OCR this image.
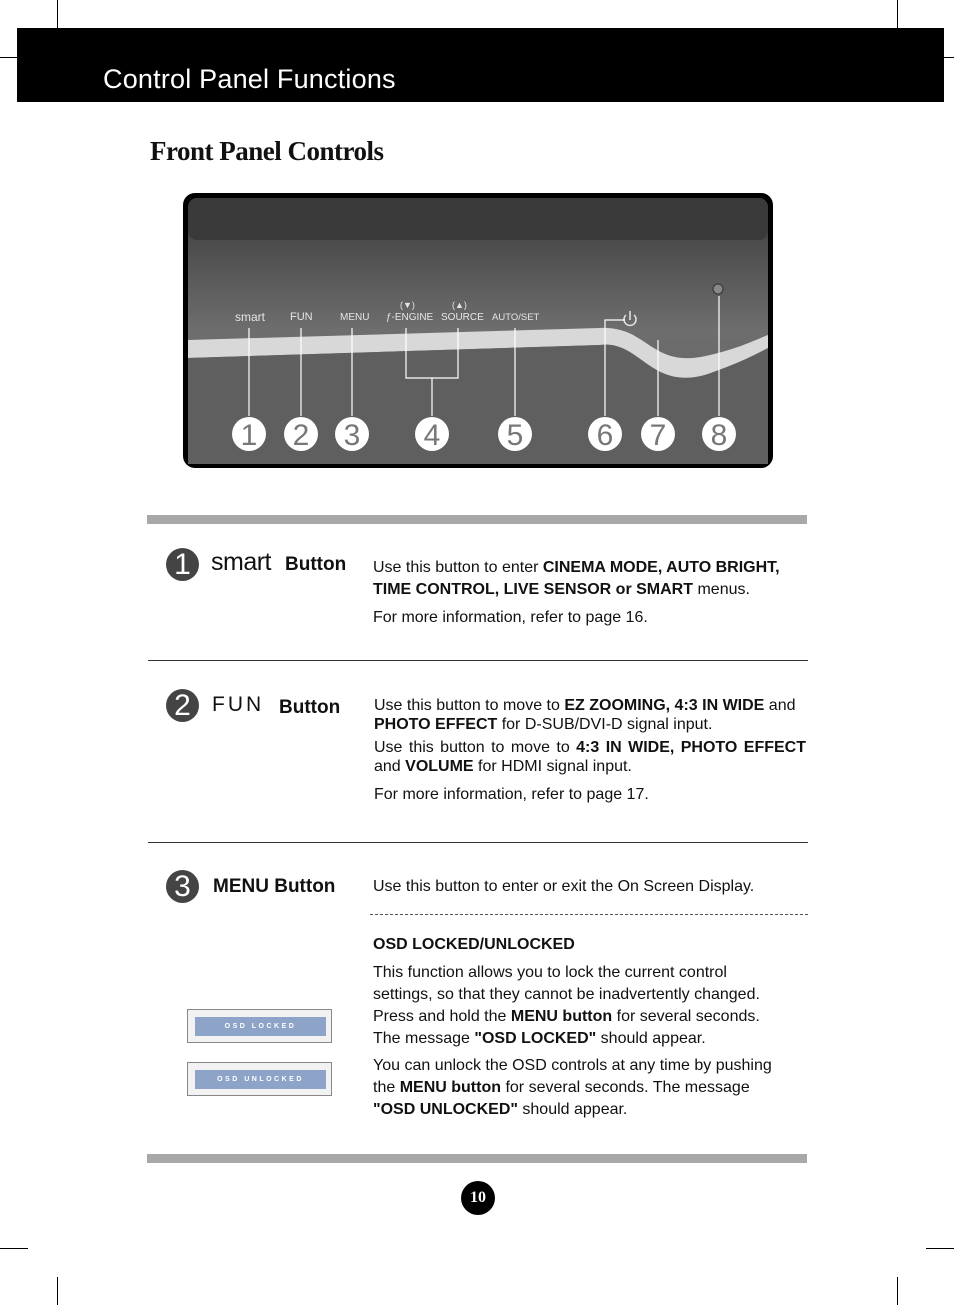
Control Panel Functions
Front Panel Controls
smart FUN	MENU
(▼)
ƒ-ENGINE
(▲)
SOURCE AUTO/SET
1 2 3 4 5 6 7 8
1 smart Button Use this button to enter CINEMA MODE, AUTO BRIGHT, TIME CONTROL, LIVE SENSOR or SMART menus.
For more information, refer to page 16.
2	FUN Button Use this button to move to EZ ZOOMING, 4:3 IN WIDE and PHOTO EFFECT for D-SUB/DVI-D signal input.
Use this button to move to 4:3 IN WIDE, PHOTO EFFECT and VOLUME for HDMI signal input.
For more information, refer to page 17.
3	MENU Button Use this button to enter or exit the On Screen Display.
OSD LOCKED/UNLOCKED
This function allows you to lock the current control settings, so that they cannot be inadvertently changed. Press and hold the MENU button for several seconds. The message "OSD LOCKED" should appear.
You can unlock the OSD controls at any time by pushing the MENU button for several seconds. The message "OSD UNLOCKED" should appear.
OSD LOCKED
OSD UNLOCKED
10
